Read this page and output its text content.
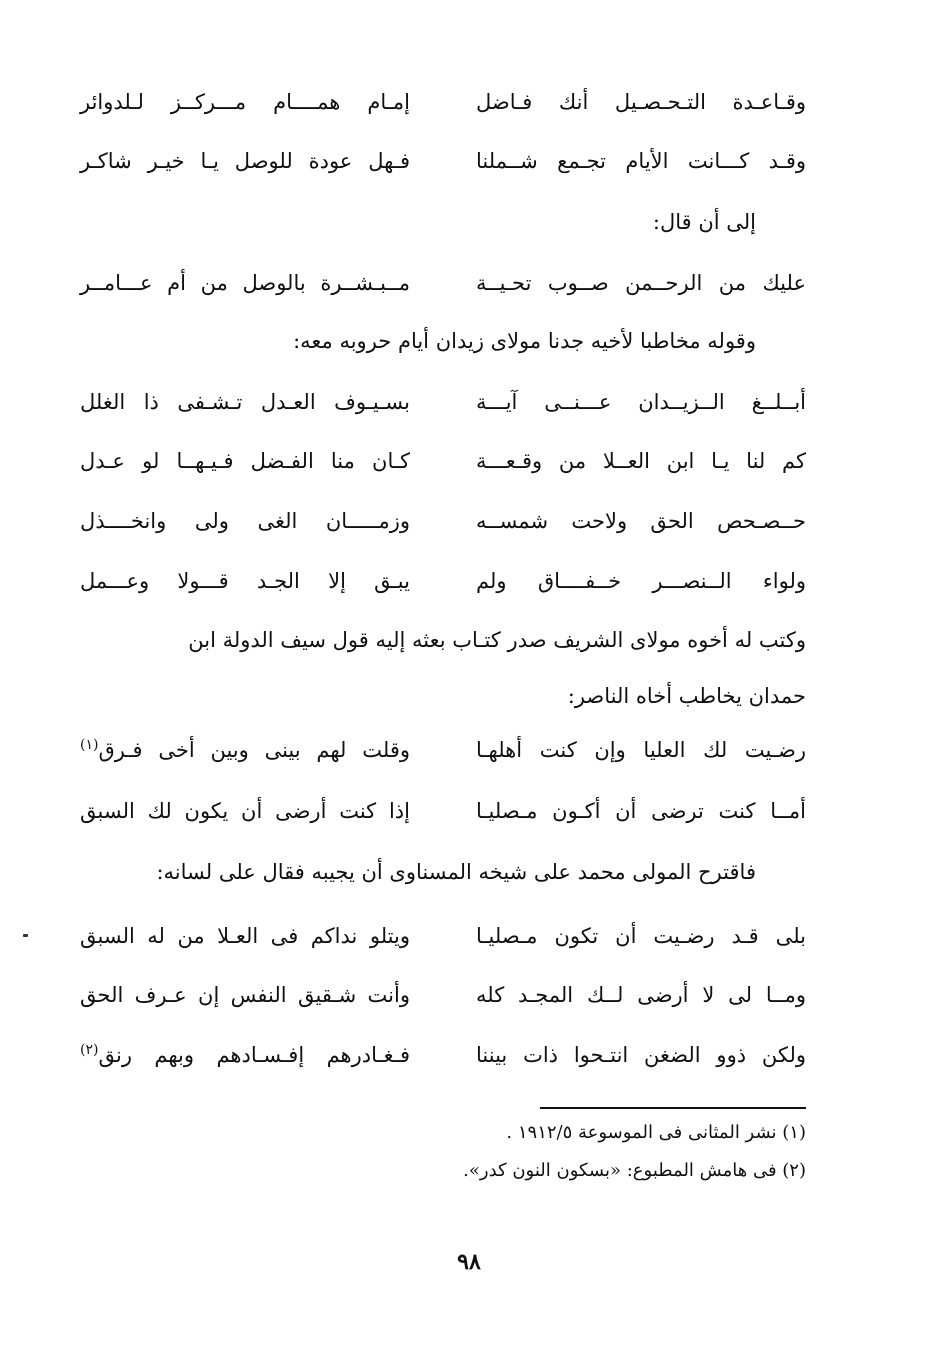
وقـاعـدة التـحـصـيل أنك فـاضل
إمـام همــــام مـــركــز لـلدوائر
وقـد كـــانت الأيام تجـمع شــملنا
فـهل عودة للوصل يـا خيـر شاكـر
إلى أن قال:
عليك من الرحــمن صــوب تحـيــة
مــبـشــرة بالوصل من أم عـــامــر
وقوله مخاطبا لأخيه جدنا مولاى زيدان أيام حروبه معه:
أبــلــغ الــزيــدان عـــنــى آيـــة
بسـيـوف العـدل تـشـفى ذا الغلل
كم لنا يـا ابن العــلا من وقـعـــة
كـان منا الفـضل فـيـهــا لو عـدل
حــصـحص الحق ولاحت شمســه
وزمـــــان الغى ولى وانخــــذل
ولواء الــنصـــر خــفــــاق ولم
يبـق إلا الجـد قـــولا وعـــمل
وكتب له أخوه مولاى الشريف صدر كتـاب بعثه إليه قول سيف الدولة ابن
حمدان يخاطب أخاه الناصر:
رضـيت لك العليا وإن كنت أهلهـا
وقلت لهم بينى وبين أخى فـرق$^{(١)}$
أمــا كنت ترضى أن أكـون مـصليـا
إذا كنت أرضى أن يكون لك السبق
فاقترح المولى محمد على شيخه المسناوى أن يجيبه فقال على لسانه:
بلى قـد رضـيت أن تكون مـصليـا
ويتلو نداكم فى العـلا من له السبق
ومــا لى لا أرضى لــك المجـد كله
وأنت شـقيق النفس إن عـرف الحق
ولكن ذوو الضغن انتـحوا ذات بيننا
فـغـادرهم إفـسـادهم وبهم رنق$^{(٢)}$
(١) نشر المثانى فى الموسوعة ١٩١٢/٥ .
(٢) فى هامش المطبوع: «بسكون النون كدر».
٩٨
